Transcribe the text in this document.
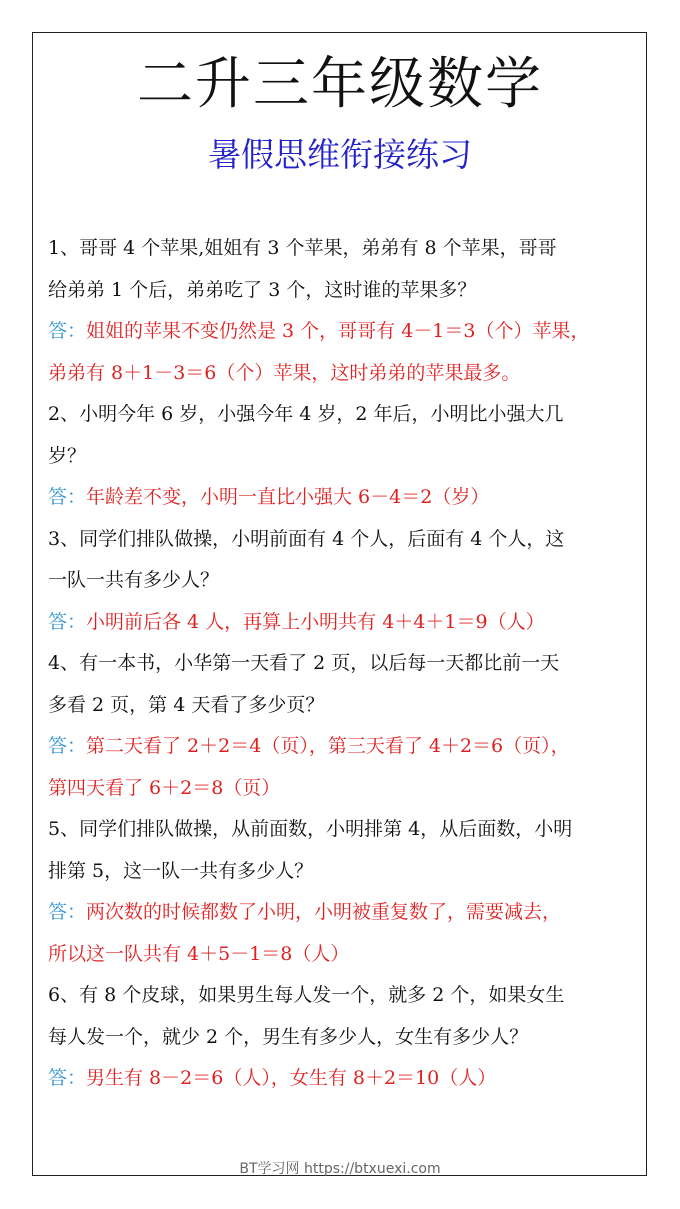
二升三年级数学
暑假思维衔接练习
1、哥哥 4 个苹果,姐姐有 3 个苹果，弟弟有 8 个苹果，哥哥
给弟弟 1 个后，弟弟吃了 3 个，这时谁的苹果多？
答：姐姐的苹果不变仍然是 3 个，哥哥有 4－1＝3（个）苹果，
弟弟有 8＋1－3＝6（个）苹果，这时弟弟的苹果最多。
2、小明今年 6 岁，小强今年 4 岁，2 年后，小明比小强大几
岁？
答：年龄差不变，小明一直比小强大 6－4＝2（岁）
3、同学们排队做操，小明前面有 4 个人，后面有 4 个人，这
一队一共有多少人？
答：小明前后各 4 人，再算上小明共有 4＋4＋1＝9（人）
4、有一本书，小华第一天看了 2 页，以后每一天都比前一天
多看 2 页，第 4 天看了多少页？
答：第二天看了 2＋2＝4（页），第三天看了 4＋2＝6（页），
第四天看了 6＋2＝8（页）
5、同学们排队做操，从前面数，小明排第 4，从后面数，小明
排第 5，这一队一共有多少人？
答：两次数的时候都数了小明，小明被重复数了，需要减去，
所以这一队共有 4＋5－1＝8（人）
6、有 8 个皮球，如果男生每人发一个，就多 2 个，如果女生
每人发一个，就少 2 个，男生有多少人，女生有多少人？
答：男生有 8－2＝6（人），女生有 8＋2＝10（人）
BT学习网 https://btxuexi.com
